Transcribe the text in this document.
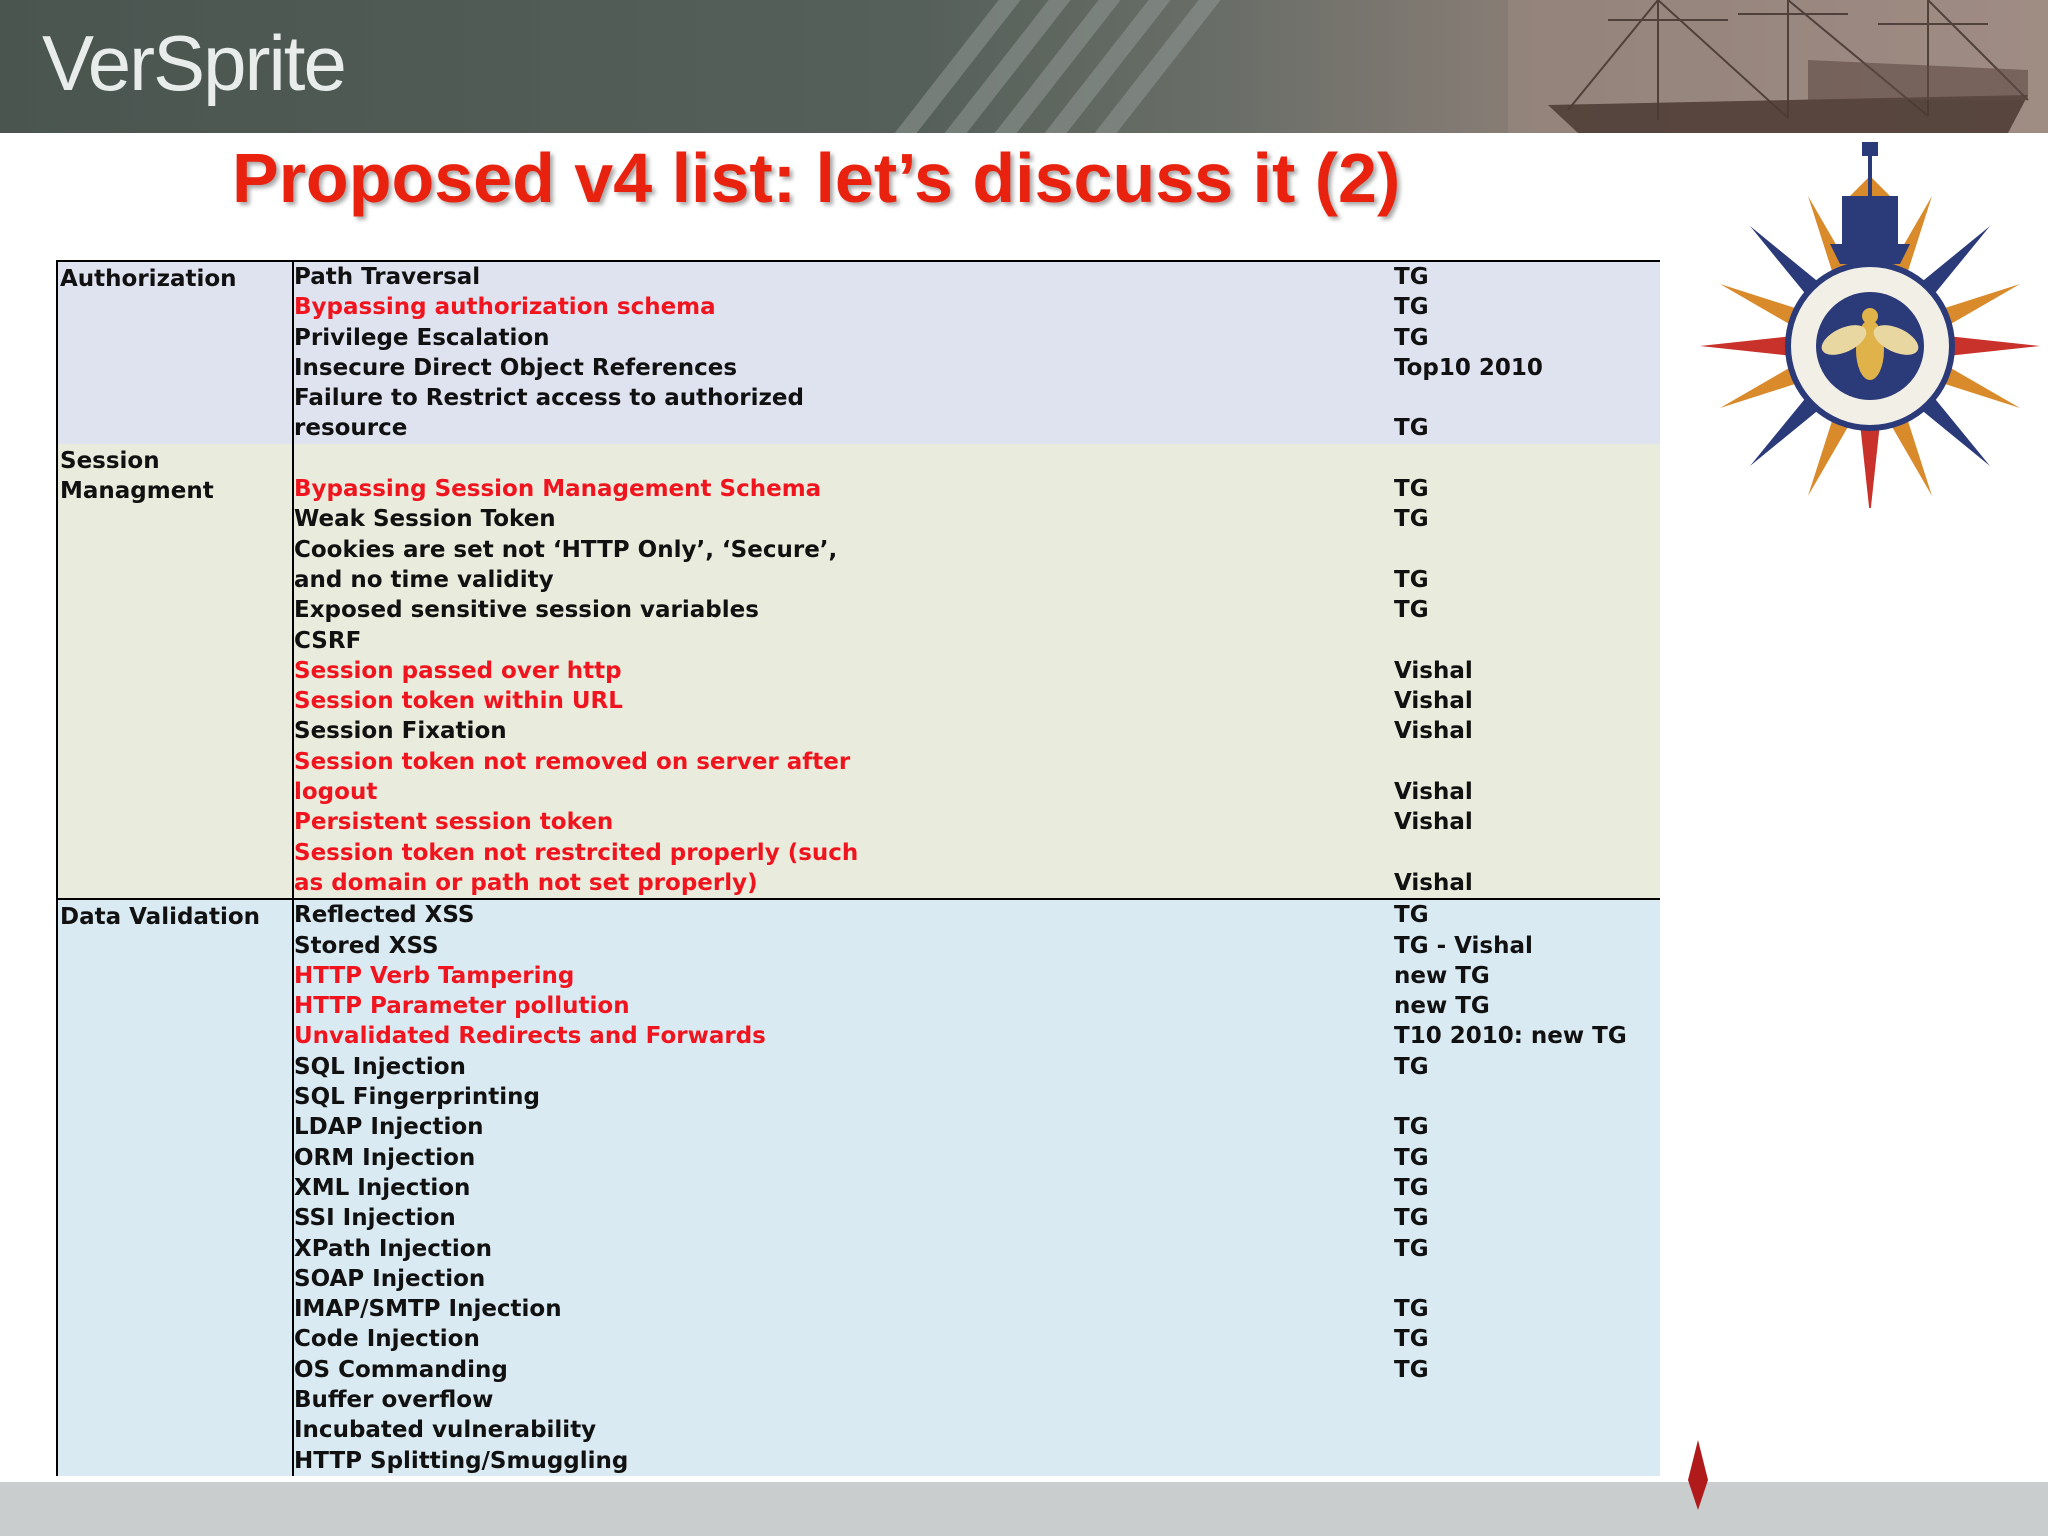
VerSprite
Proposed v4 list: let’s discuss it (2)
Authorization	Path Traversal	TG
Bypassing authorization schema	TG
Privilege Escalation	TG
Insecure Direct Object References	Top10 2010
Failure to Restrict access to authorized
resource	TG
Session Managment	Bypassing Session Management Schema	TG
Weak Session Token	TG
Cookies are set not ‘HTTP Only’, ‘Secure’,
and no time validity	TG
Exposed sensitive session variables	TG
CSRF
Session passed over http	Vishal
Session token within URL	Vishal
Session Fixation	Vishal
Session token not removed on server after
logout	Vishal
Persistent session token	Vishal
Session token not restrcited properly (such
as domain or path not set properly)	Vishal
Data Validation	Reflected XSS	TG
Stored XSS	TG - Vishal
HTTP Verb Tampering	new TG
HTTP Parameter pollution	new TG
Unvalidated Redirects and Forwards	T10 2010: new TG
SQL Injection	TG
SQL Fingerprinting
LDAP Injection	TG
ORM Injection	TG
XML Injection	TG
SSI Injection	TG
XPath Injection	TG
SOAP Injection
IMAP/SMTP Injection	TG
Code Injection	TG
OS Commanding	TG
Buffer overflow
Incubated vulnerability
HTTP Splitting/Smuggling
